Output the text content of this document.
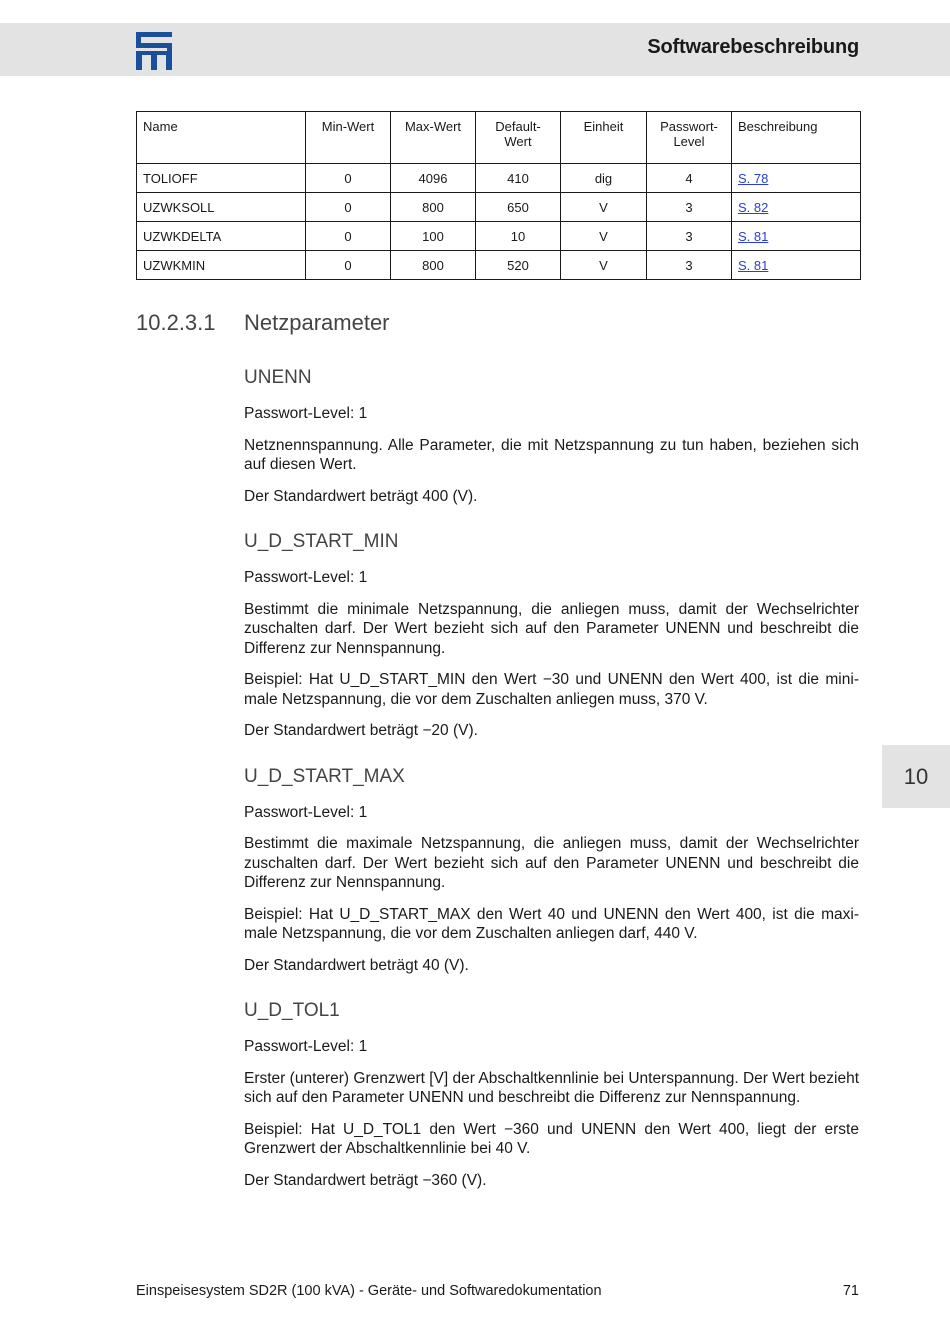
Softwarebeschreibung
Name	Min-Wert	Max-Wert	Default-Wert	Einheit	Passwort-Level	Beschreibung
TOLIOFF	0	4096	410	dig	4	S. 78
UZWKSOLL	0	800	650	V	3	S. 82
UZWKDELTA	0	100	10	V	3	S. 81
UZWKMIN	0	800	520	V	3	S. 81
10.2.3.1 Netzparameter
UNENN

Passwort-Level: 1

Netznennspannung. Alle Parameter, die mit Netzspannung zu tun haben, beziehen sich auf diesen Wert.

Der Standardwert beträgt 400 (V).

U_D_START_MIN

Passwort-Level: 1

Bestimmt die minimale Netzspannung, die anliegen muss, damit der Wechselrichter zuschalten darf. Der Wert bezieht sich auf den Parameter UNENN und beschreibt die Differenz zur Nennspannung.

Beispiel: Hat U_D_START_MIN den Wert −30 und UNENN den Wert 400, ist die minimale Netzspannung, die vor dem Zuschalten anliegen muss, 370 V.

Der Standardwert beträgt −20 (V).

U_D_START_MAX

Passwort-Level: 1

Bestimmt die maximale Netzspannung, die anliegen muss, damit der Wechselrichter zuschalten darf. Der Wert bezieht sich auf den Parameter UNENN und beschreibt die Differenz zur Nennspannung.

Beispiel: Hat U_D_START_MAX den Wert 40 und UNENN den Wert 400, ist die maximale Netzspannung, die vor dem Zuschalten anliegen darf, 440 V.

Der Standardwert beträgt 40 (V).

U_D_TOL1

Passwort-Level: 1

Erster (unterer) Grenzwert [V] der Abschaltkennlinie bei Unterspannung. Der Wert bezieht sich auf den Parameter UNENN und beschreibt die Differenz zur Nennspannung.

Beispiel: Hat U_D_TOL1 den Wert −360 und UNENN den Wert 400, liegt der erste Grenzwert der Abschaltkennlinie bei 40 V.

Der Standardwert beträgt −360 (V).

10
Einspeisesystem SD2R (100 kVA) - Geräte- und Softwaredokumentation	71
